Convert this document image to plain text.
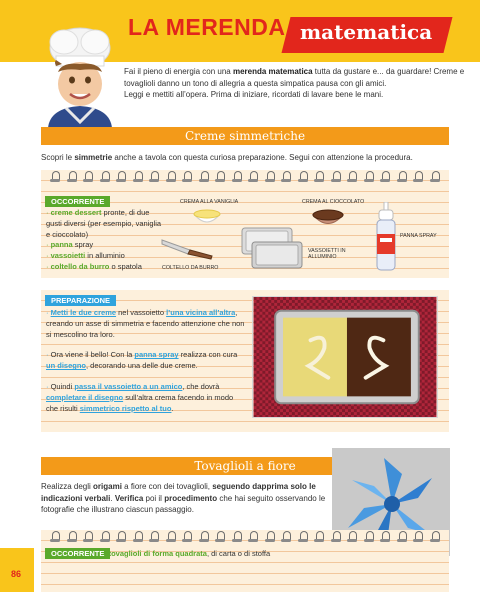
LA MERENDA matematica
Fai il pieno di energia con una merenda matematica tutta da gustare e... da guardare! Creme e tovaglioli danno un tono di allegria a questa simpatica pausa con gli amici.
Leggi e mettiti all’opera. Prima di iniziare, ricordati di lavare bene le mani.
Creme simmetriche
Scopri le simmetrie anche a tavola con questa curiosa preparazione. Segui con attenzione la procedura.
OCCORRENTE
· creme dessert pronte, di due gusti diversi (per esempio, vaniglia e cioccolato)
· panna spray
· vassoietti in alluminio
· coltello da burro o spatola
CREMA ALLA VANIGLIA	CREMA AL CIOCCOLATO
PANNA SPRAY
VASSOIETTI IN ALLUMINIO
COLTELLO DA BURRO
PREPARAZIONE
· Metti le due creme nel vassoietto l’una vicina all’altra, creando un asse di simmetria e facendo attenzione che non si mescolino tra loro.
· Ora viene il bello! Con la panna spray realizza con cura un disegno, decorando una delle due creme.
· Quindi passa il vassoietto a un amico, che dovrà completare il disegno sull’altra crema facendo in modo che risulti simmetrico rispetto al tuo.
Tovaglioli a fiore
Realizza degli origami a fiore con dei tovaglioli, seguendo dapprima solo le indicazioni verbali. Verifica poi il procedimento che hai seguito osservando le fotografie che illustrano ciascun passaggio.
OCCORRENTE · tovaglioli di forma quadrata, di carta o di stoffa
86
